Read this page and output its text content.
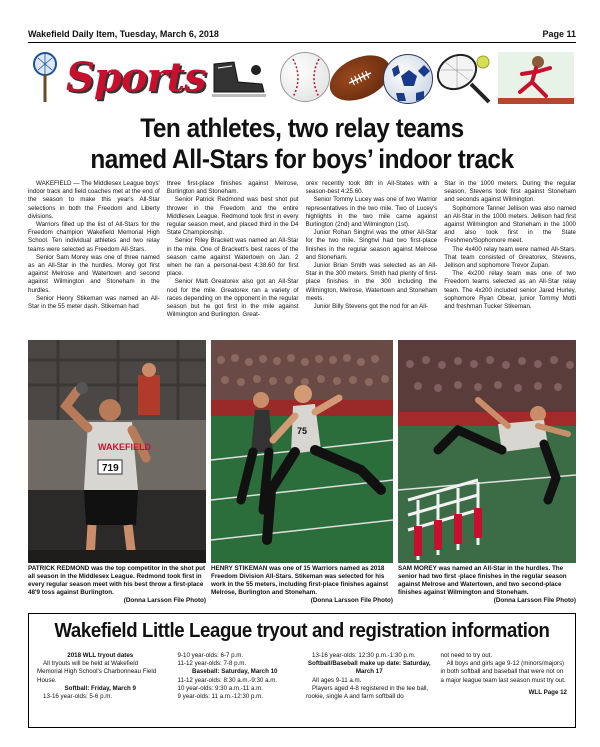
Wakefield Daily Item, Tuesday, March 6, 2018	Page 11
Sports
Ten athletes, two relay teams
named All-Stars for boys’ indoor track

WAKEFIELD — The Middlesex League boys' indoor track and field coaches met at the end of the season to make this year's All-Star selections in both the Freedom and Liberty divisions.

Warriors filled up the list of All-Stars for the Freedom champion Wakefield Memorial High School. Ten individual athletes and two relay teams were selected as Freedom All-Stars.

Senior Sam Morey was one of three named as an All-Star in the hurdles. Morey got first against Melrose and Watertown and second against Wilmington and Stoneham in the hurdles.

Senior Henry Stikeman was named an All-Star in the 55 meter dash. Stikeman had

three first-place finishes against Melrose, Burlington and Stoneham.

Senior Patrick Redmond was best shot put thrower in the Freedom and the entire Middlesex League. Redmond took first in every regular season meet, and placed third in the D4 State Championship.

Senior Riley Brackett was named an All-Star in the mile. One of Brackett's best races of the season came against Watertown on Jan. 2 when he ran a personal-best 4:38.60 for first place.

Senior Matt Greatorex also got an All-Star nod for the mile. Greatorex ran a variety of races depending on the opponent in the regular season but he got first in the mile against Wilmington and Burlington. Great-

orex recently took 8th in All-States with a season-best 4:25.60.

Senior Tommy Lucey was one of two Warrior representatives in the two mile. Two of Lucey's highlights in the two mile came against Burlington (2nd) and Wilmington (1st).

Junior Rohan Singhvi was the other All-Star for the two mile. Singhvi had two first-place finishes in the regular season against Melrose and Stoneham.

Junior Brian Smith was selected as an All-Star in the 300 meters. Smith had plenty of first-place finishes in the 300 including the Wilmington, Melrose, Watertown and Stoneham meets.

Junior Billy Stevens got the nod for an All-

Star in the 1000 meters. During the regular season, Stevens took first against Stoneham and seconds against Wilmington.

Sophomore Tanner Jellison was also named an All-Star in the 1000 meters. Jellison had first against Wilmington and Stoneham in the 1000 and also took first in the State Freshmen/Sophomore meet.

The 4x400 relay team were named All-Stars. That team consisted of Greatorex, Stevens, Jellison and sophomore Trevor Zupan.

The 4x200 relay team was one of two Freedom teams selected as an All-Star relay team. The 4x200 included senior Jared Hurley, sophomore Ryan Obear, junior Tommy Motti and freshman Tucker Stikeman.

WAKEFIELD
719
75
PATRICK REDMOND was the top competitor in the shot put all season in the Middlesex League. Redmond took first in every regular season meet with his best throw a first-place 48'9 toss against Burlington.
(Donna Larsson File Photo)
HENRY STIKEMAN was one of 15 Warriors named as 2018 Freedom Division All-Stars. Stikeman was selected for his work in the 55 meters, including first-place finishes against Melrose, Burlington and Stoneham.
(Donna Larsson File Photo)
SAM MOREY was named an All-Star in the hurdles. The senior had two first -place finishes in the regular season against Melrose and Watertown, and two second-place finishes against Wilmington and Stoneham.
(Donna Larsson File Photo)
Wakefield Little League tryout and registration information
2018 WLL tryout dates
All tryouts will be held at Wakefield Memorial High School's Charbonneau Field House.
Softball: Friday, March 9
13-16 year-olds: 5-6 p.m.
9-10 year-olds: 6-7 p.m.
11-12 year-olds: 7-8 p.m.
Baseball: Saturday, March 10
11-12 year-olds: 8:30 a.m.-9:30 a.m.
10 year-olds: 9:30 a.m.-11 a.m.
9 year-olds: 11 a.m.-12:30 p.m.
13-16 year-olds: 12:30 p.m.-1:30 p.m.
Softball/Baseball make up date: Saturday, March 17
All ages 9-11 a.m.
Players aged 4-8 registered in the tee ball, rookie, single A and farm softball do
not need to try out.
All boys and girls age 9-12 (minors/majors) in both softball and baseball that were not on a major league team last season must try out.
WLL Page 12
